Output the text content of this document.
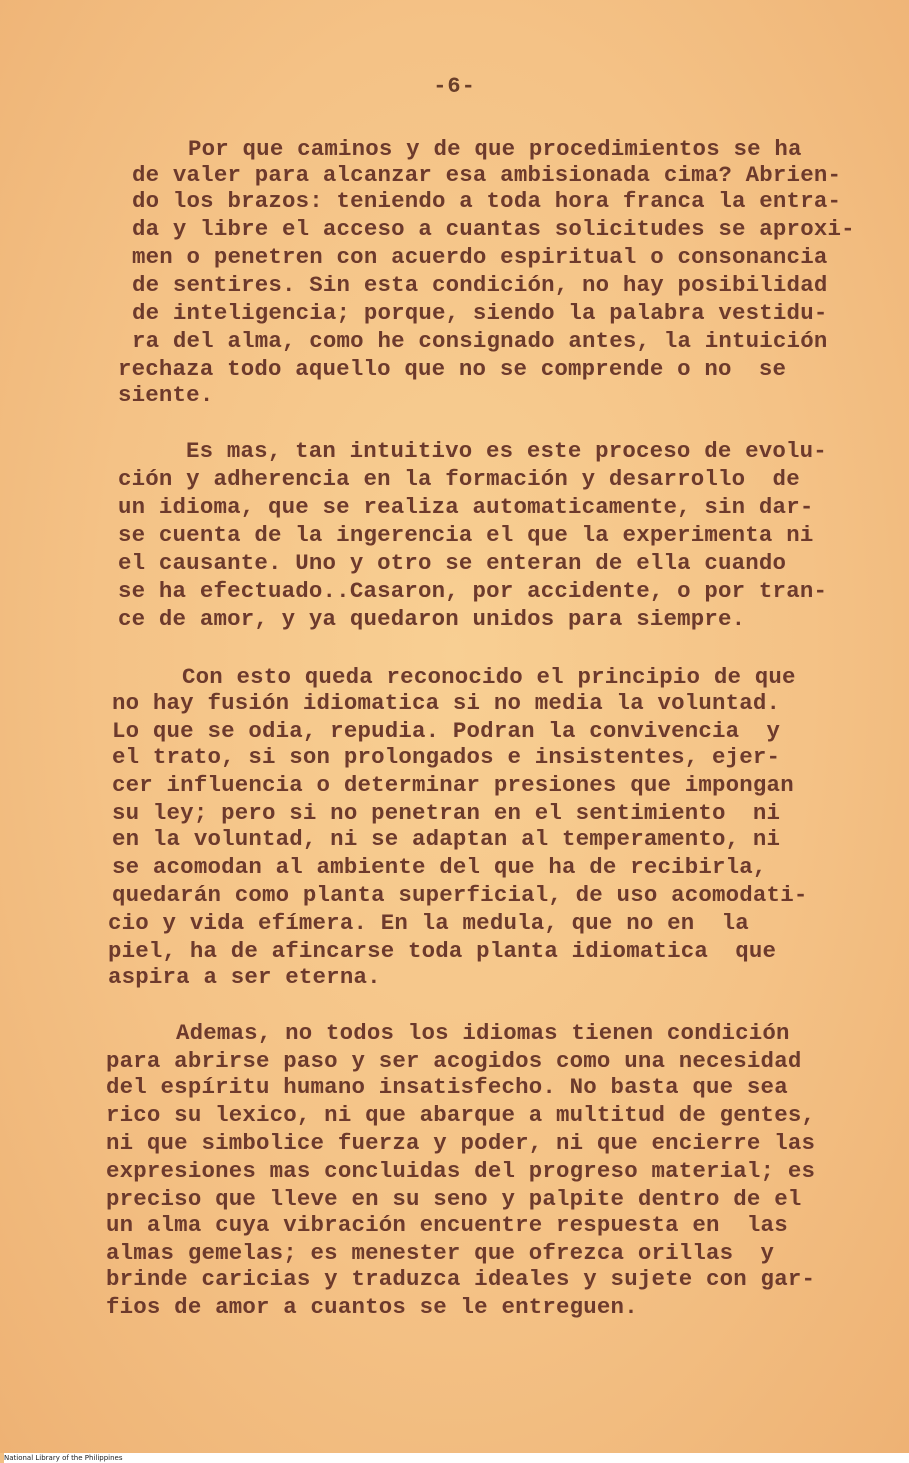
-6-
Por que caminos y de que procedimientos se ha
de valer para alcanzar esa ambisionada cima? Abrien-
do los brazos: teniendo a toda hora franca la entra-
da y libre el acceso a cuantas solicitudes se aproxi-
men o penetren con acuerdo espiritual o consonancia
de sentires. Sin esta condición, no hay posibilidad
de inteligencia; porque, siendo la palabra vestidu-
ra del alma, como he consignado antes, la intuición
rechaza todo aquello que no se comprende o no  se
siente.
Es mas, tan intuitivo es este proceso de evolu-
ción y adherencia en la formación y desarrollo  de
un idioma, que se realiza automaticamente, sin dar-
se cuenta de la ingerencia el que la experimenta ni
el causante. Uno y otro se enteran de ella cuando
se ha efectuado..Casaron, por accidente, o por tran-
ce de amor, y ya quedaron unidos para siempre.
Con esto queda reconocido el principio de que
no hay fusión idiomatica si no media la voluntad.
Lo que se odia, repudia. Podran la convivencia  y
el trato, si son prolongados e insistentes, ejer-
cer influencia o determinar presiones que impongan
su ley; pero si no penetran en el sentimiento  ni
en la voluntad, ni se adaptan al temperamento, ni
se acomodan al ambiente del que ha de recibirla,
quedarán como planta superficial, de uso acomodati-
cio y vida efímera. En la medula, que no en  la
piel, ha de afincarse toda planta idiomatica  que
aspira a ser eterna.
Ademas, no todos los idiomas tienen condición
para abrirse paso y ser acogidos como una necesidad
del espíritu humano insatisfecho. No basta que sea
rico su lexico, ni que abarque a multitud de gentes,
ni que simbolice fuerza y poder, ni que encierre las
expresiones mas concluidas del progreso material; es
preciso que lleve en su seno y palpite dentro de el
un alma cuya vibración encuentre respuesta en  las
almas gemelas; es menester que ofrezca orillas  y
brinde caricias y traduzca ideales y sujete con gar-
fios de amor a cuantos se le entreguen.
National Library of the Philippines
